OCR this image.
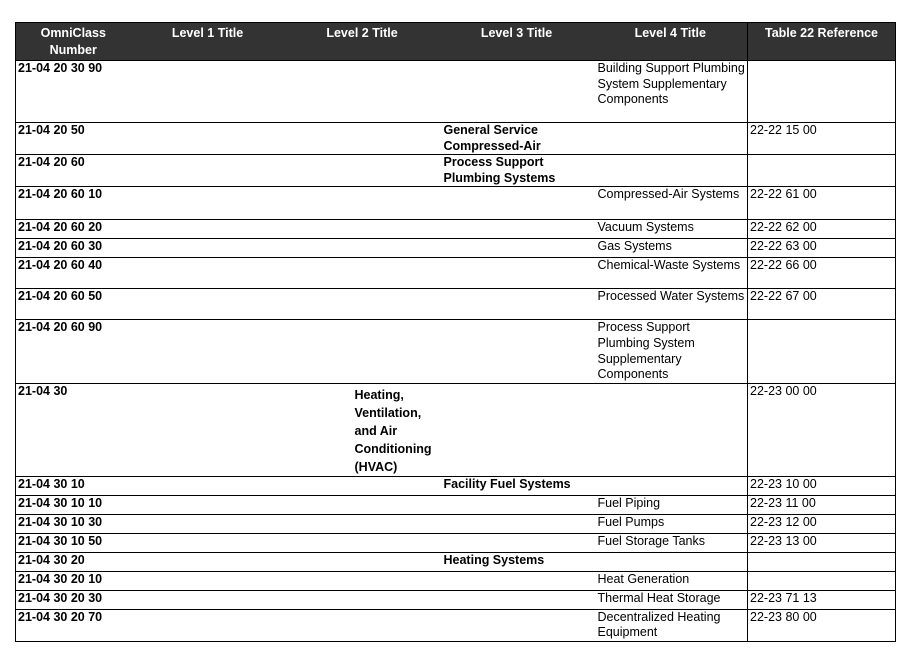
OmniClass Number	Level 1 Title	Level 2 Title	Level 3 Title	Level 4 Title	Table 22 Reference

21-04 20 30 90				Building Support Plumbing System Supplementary Components	

21-04 20 50			General Service Compressed-Air		22-22 15 00

21-04 20 60			Process Support Plumbing Systems		

21-04 20 60 10				Compressed-Air Systems	22-22 61 00

21-04 20 60 20				Vacuum Systems	22-22 62 00

21-04 20 60 30				Gas Systems	22-22 63 00

21-04 20 60 40				Chemical-Waste Systems	22-22 66 00

21-04 20 60 50				Processed Water Systems	22-22 67 00

21-04 20 60 90				Process Support Plumbing System Supplementary Components	

21-04 30		Heating, Ventilation, and Air Conditioning (HVAC)			22-23 00 00

21-04 30 10			Facility Fuel Systems		22-23 10 00

21-04 30 10 10				Fuel Piping	22-23 11 00

21-04 30 10 30				Fuel Pumps	22-23 12 00

21-04 30 10 50				Fuel Storage Tanks	22-23 13 00

21-04 30 20			Heating Systems		

21-04 30 20 10				Heat Generation	

21-04 30 20 30				Thermal Heat Storage	22-23 71 13

21-04 30 20 70				Decentralized Heating Equipment	22-23 80 00
